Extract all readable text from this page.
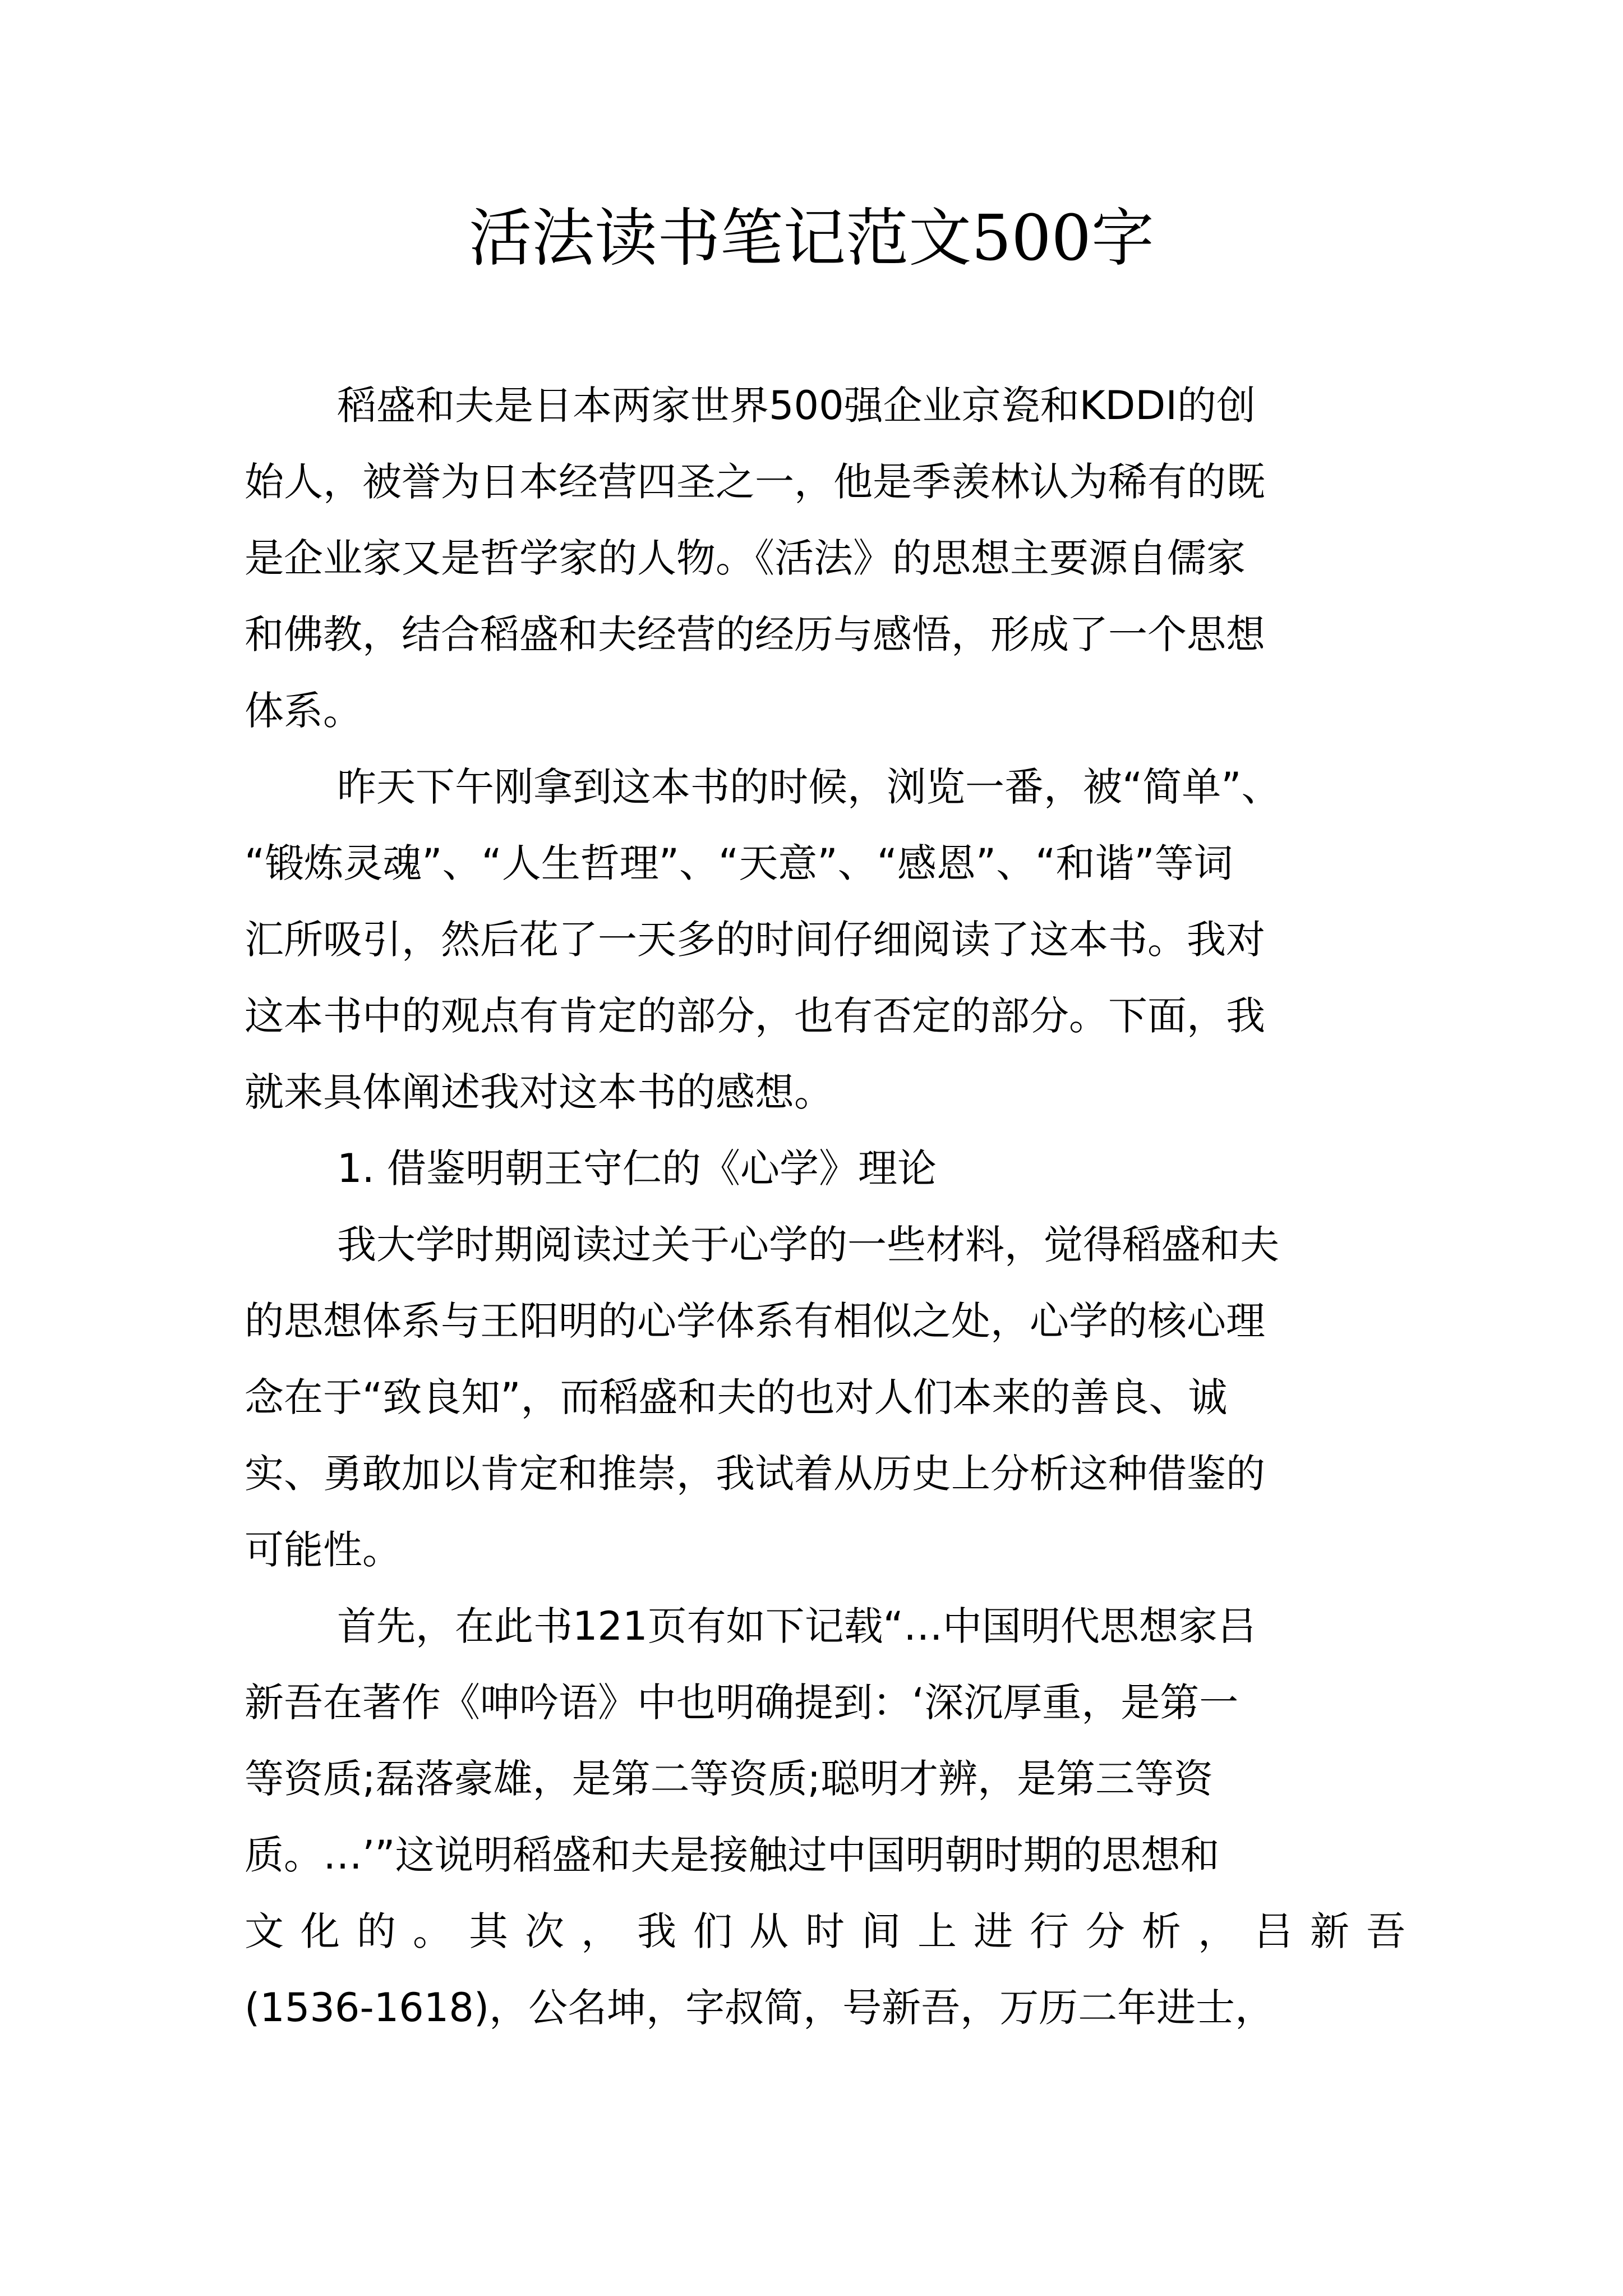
活法读书笔记范文500字
稻盛和夫是日本两家世界500强企业京瓷和KDDI的创
始人，被誉为日本经营四圣之一，他是季羡林认为稀有的既
是企业家又是哲学家的人物。《活法》的思想主要源自儒家
和佛教，结合稻盛和夫经营的经历与感悟，形成了一个思想
体系。
昨天下午刚拿到这本书的时候，浏览一番，被“简单”、
“锻炼灵魂”、“人生哲理”、“天意”、“感恩”、“和谐”等词
汇所吸引，然后花了一天多的时间仔细阅读了这本书。我对
这本书中的观点有肯定的部分，也有否定的部分。下面，我
就来具体阐述我对这本书的感想。
1. 借鉴明朝王守仁的《心学》理论
我大学时期阅读过关于心学的一些材料，觉得稻盛和夫
的思想体系与王阳明的心学体系有相似之处，心学的核心理
念在于“致良知”，而稻盛和夫的也对人们本来的善良、诚
实、勇敢加以肯定和推崇，我试着从历史上分析这种借鉴的
可能性。
首先，在此书121页有如下记载“…中国明代思想家吕
新吾在著作《呻吟语》中也明确提到：‘深沉厚重，是第一
等资质;磊落豪雄，是第二等资质;聪明才辨，是第三等资
质。…’”这说明稻盛和夫是接触过中国明朝时期的思想和
文化的。其次，我们从时间上进行分析，吕新吾
(1536-1618)，公名坤，字叔简，号新吾，万历二年进士，
